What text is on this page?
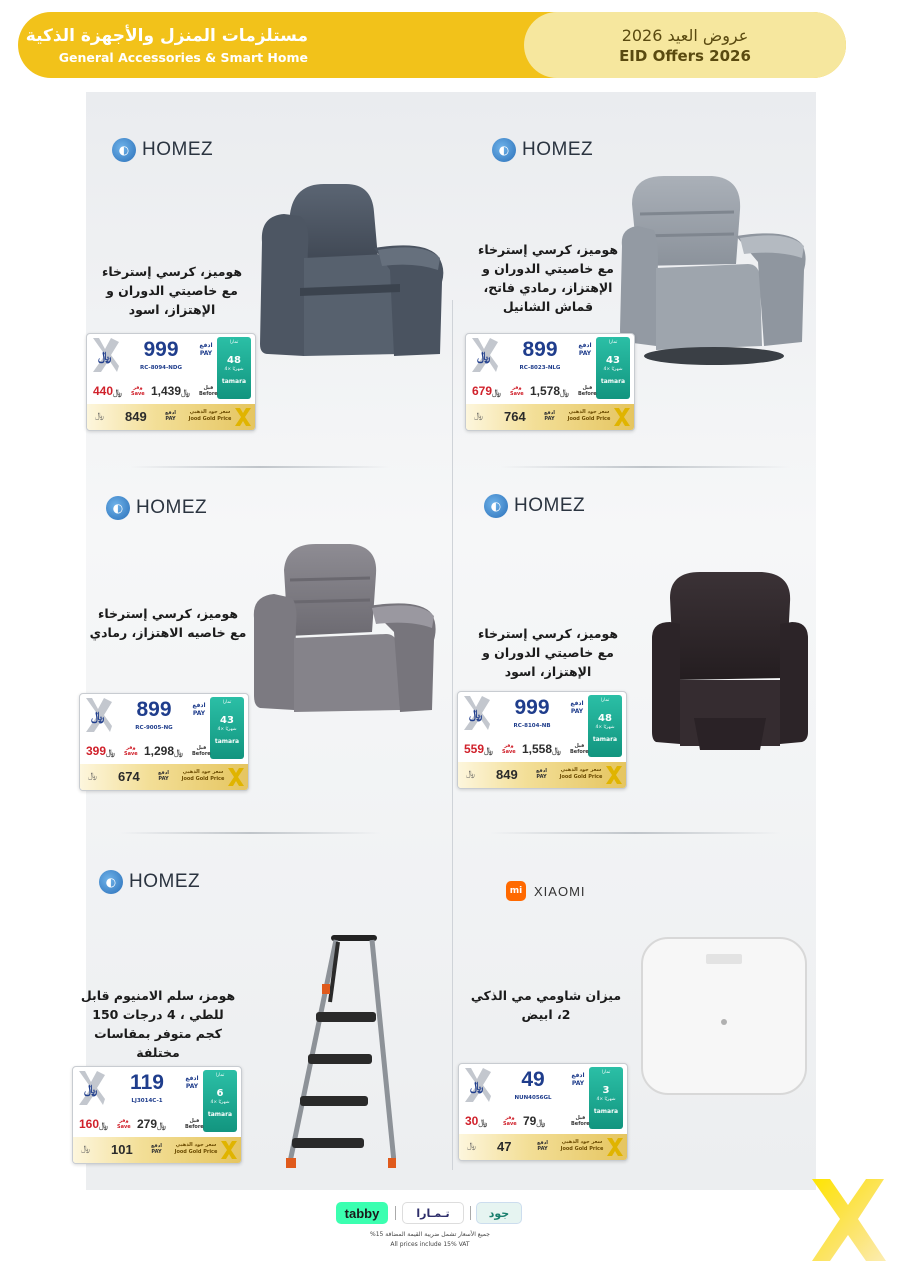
مستلزمات المنزل والأجهزة الذكية
General Accessories & Smart Home
عروض العيد 2026
EID Offers 2026
◐ HOMEZ	◐ HOMEZ
◐ HOMEZ	◐ HOMEZ
◐ HOMEZ	mi XIAOMI
هوميز، كرسي إسترخاء مع خاصيتي الدوران و الإهتزاز، اسود
هوميز، كرسي إسترخاء مع خاصيتي الدوران و الإهتزاز، رمادي فاتح، قماش الشانيل
هوميز، كرسي إسترخاء مع خاصيه الاهتزاز، رمادي	هوميز، كرسي إسترخاء مع خاصيتي الدوران و الإهتزاز، اسود
هومز، سلم الامنيوم قابل للطي ، 4 درجات 150 كجم متوفر بمقاسات مختلفة
ميزان شاومي مي الذكي 2، ابيض
﷼	999
RC-8094-NDG
ادفع
PAY
تمارا
48
شهريًا ×4
tamara
﷼440	وفر
Save	﷼1,439	قبل
Before
﷼ 849	ادفع
PAY
سعر جود الذهبي
Jood Gold Price
﷼	899
RC-8023-NLG
ادفع
PAY
تمارا
43
شهريًا ×4
tamara
﷼679	وفر
Save	﷼1,578	قبل
Before
﷼ 764	ادفع
PAY
سعر جود الذهبي
Jood Gold Price
﷼	899
RC-9005-NG
ادفع
PAY
تمارا
43
شهريًا ×4
tamara
﷼399	وفر
Save	﷼1,298	قبل
Before
﷼ 674	ادفع
PAY
سعر جود الذهبي
Jood Gold Price
﷼	999
RC-8104-NB
ادفع
PAY
تمارا
48
شهريًا ×4
tamara
﷼559	وفر
Save	﷼1,558	قبل
Before
﷼ 849	ادفع
PAY
سعر جود الذهبي
Jood Gold Price
﷼	119
LJ3014C-1
ادفع
PAY
تمارا
6
شهريًا ×4
tamara
﷼160	وفر
Save	﷼279	قبل
Before
﷼ 101	ادفع
PAY
سعر جود الذهبي
Jood Gold Price
﷼	49
NUN4056GL
ادفع
PAY
تمارا
3
شهريًا ×4
tamara
﷼30	وفر
Save	﷼79	قبل
Before
﷼ 47	ادفع
PAY
سعر جود الذهبي
Jood Gold Price
tabby	تـمـارا	جود
جميع الأسعار تشمل ضريبة القيمة المضافة 15%
All prices include 15% VAT
